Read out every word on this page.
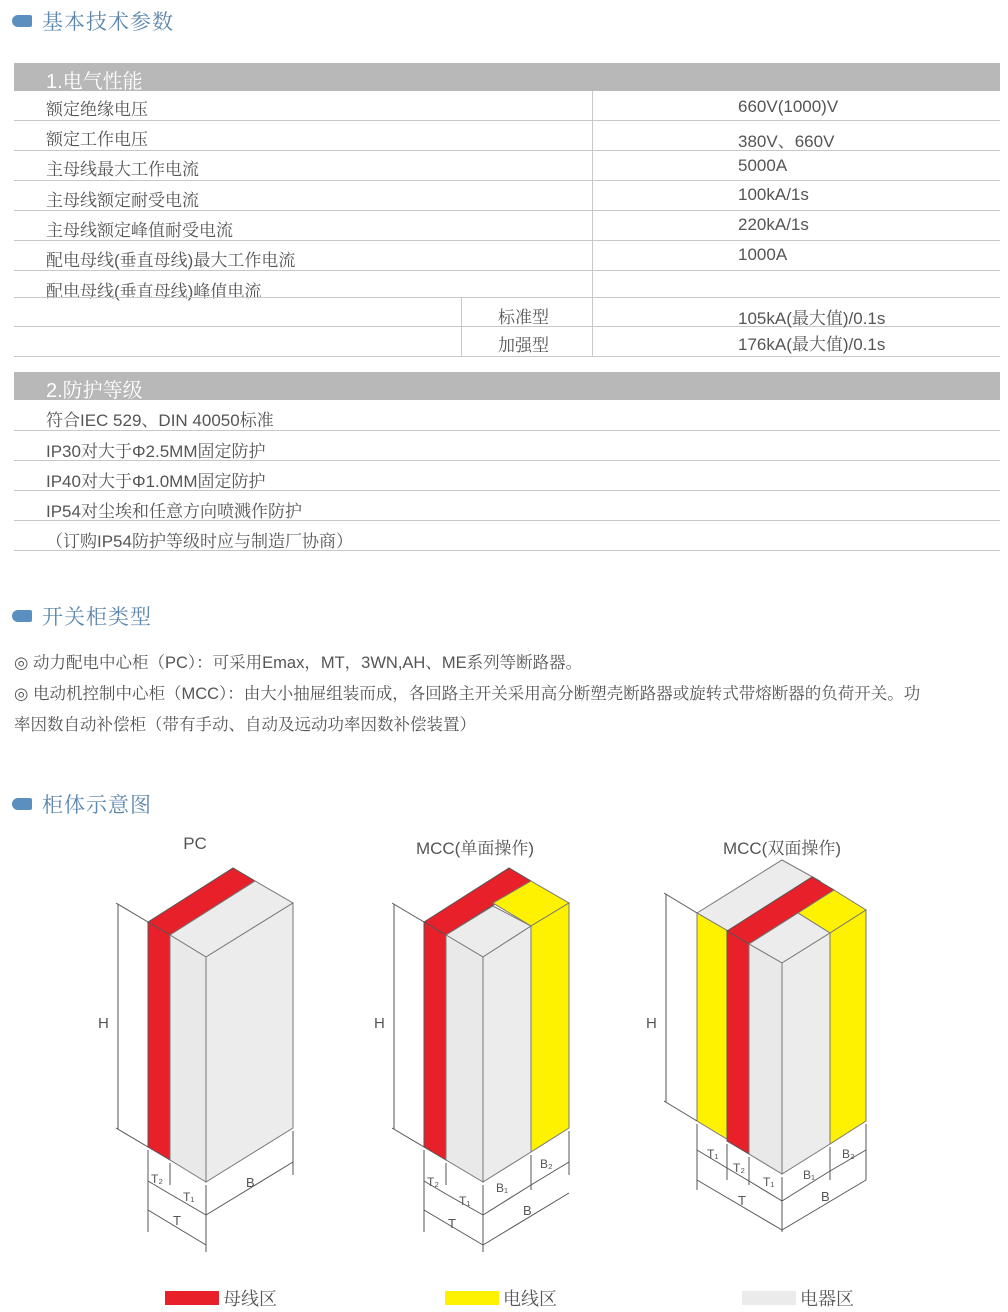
基本技术参数
1.电气性能
额定绝缘电压	660V(1000)V
额定工作电压	380V、660V
主母线最大工作电流	5000A
主母线额定耐受电流	100kA/1s
主母线额定峰值耐受电流	220kA/1s
配电母线(垂直母线)最大工作电流	1000A
配电母线(垂直母线)峰值电流
标准型	105kA(最大值)/0.1s
加强型	176kA(最大值)/0.1s
2.防护等级
符合IEC 529、DIN 40050标准
IP30对大于Φ2.5MM固定防护
IP40对大于Φ1.0MM固定防护
IP54对尘埃和任意方向喷溅作防护
（订购IP54防护等级时应与制造厂协商）
开关柜类型
◎ 动力配电中心柜（PC）：可采用Emax，MT，3WN,AH、ME系列等断路器。
◎ 电动机控制中心柜（MCC）：由大小抽屉组装而成，各回路主开关采用高分断塑壳断路器或旋转式带熔断器的负荷开关。功
率因数自动补偿柜（带有手动、自动及远动功率因数补偿装置）
柜体示意图
PC	MCC(单面操作)	MCC(双面操作)
H
T₂
T₁
T
B
H
T₂
T₁
T
B₁
B₂
B
H
T₁
T₂
T₁
T
B₁
B₂
B
母线区	电线区	电器区
